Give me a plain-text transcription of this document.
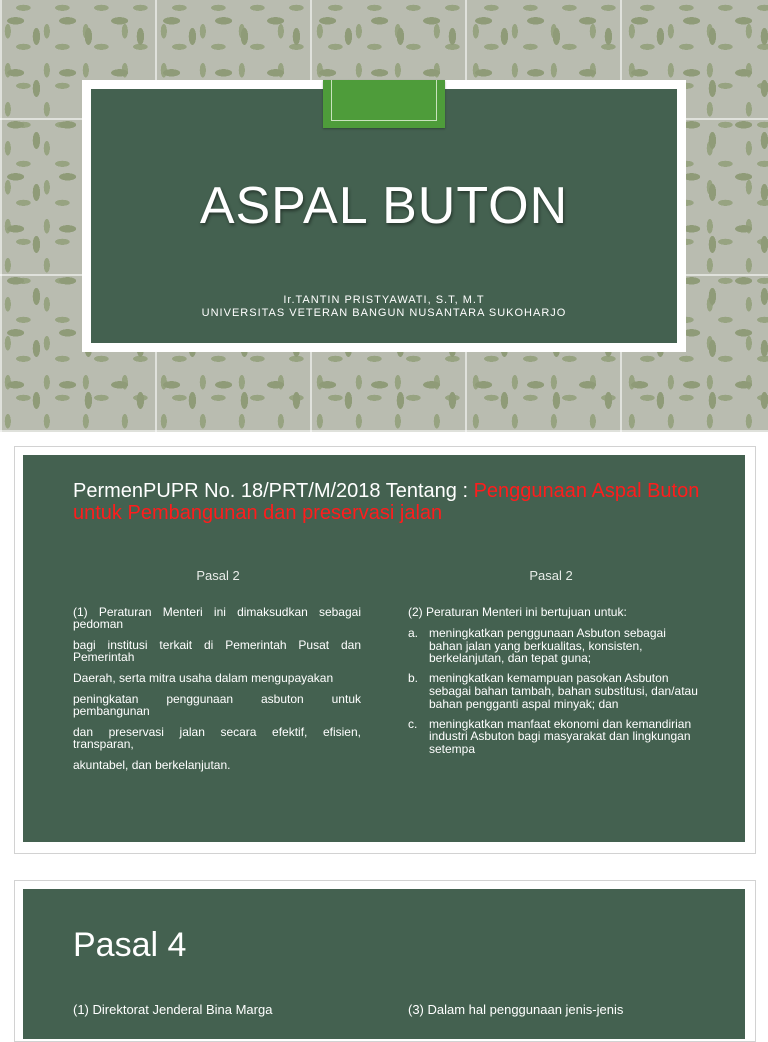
ASPAL BUTON
Ir.TANTIN PRISTYAWATI, S.T, M.T
UNIVERSITAS VETERAN BANGUN NUSANTARA SUKOHARJO
PermenPUPR No. 18/PRT/M/2018 Tentang : Penggunaan Aspal Buton untuk Pembangunan dan preservasi jalan
Pasal 2	Pasal 2

(1) Peraturan Menteri ini dimaksudkan sebagai pedoman

bagi institusi terkait di Pemerintah Pusat dan Pemerintah

Daerah, serta mitra usaha dalam mengupayakan

peningkatan penggunaan asbuton untuk pembangunan

dan preservasi jalan secara efektif, efisien, transparan,

akuntabel, dan berkelanjutan.

(2) Peraturan Menteri ini bertujuan untuk:

a. meningkatkan penggunaan Asbuton sebagai bahan jalan yang berkualitas, konsisten, berkelanjutan, dan tepat guna;
b. meningkatkan kemampuan pasokan Asbuton sebagai bahan tambah, bahan substitusi, dan/atau bahan pengganti aspal minyak; dan
c. meningkatkan manfaat ekonomi dan kemandirian industri Asbuton bagi masyarakat dan lingkungan setempa
Pasal 4
(1) Direktorat Jenderal Bina Marga	(3) Dalam hal penggunaan jenis-jenis
